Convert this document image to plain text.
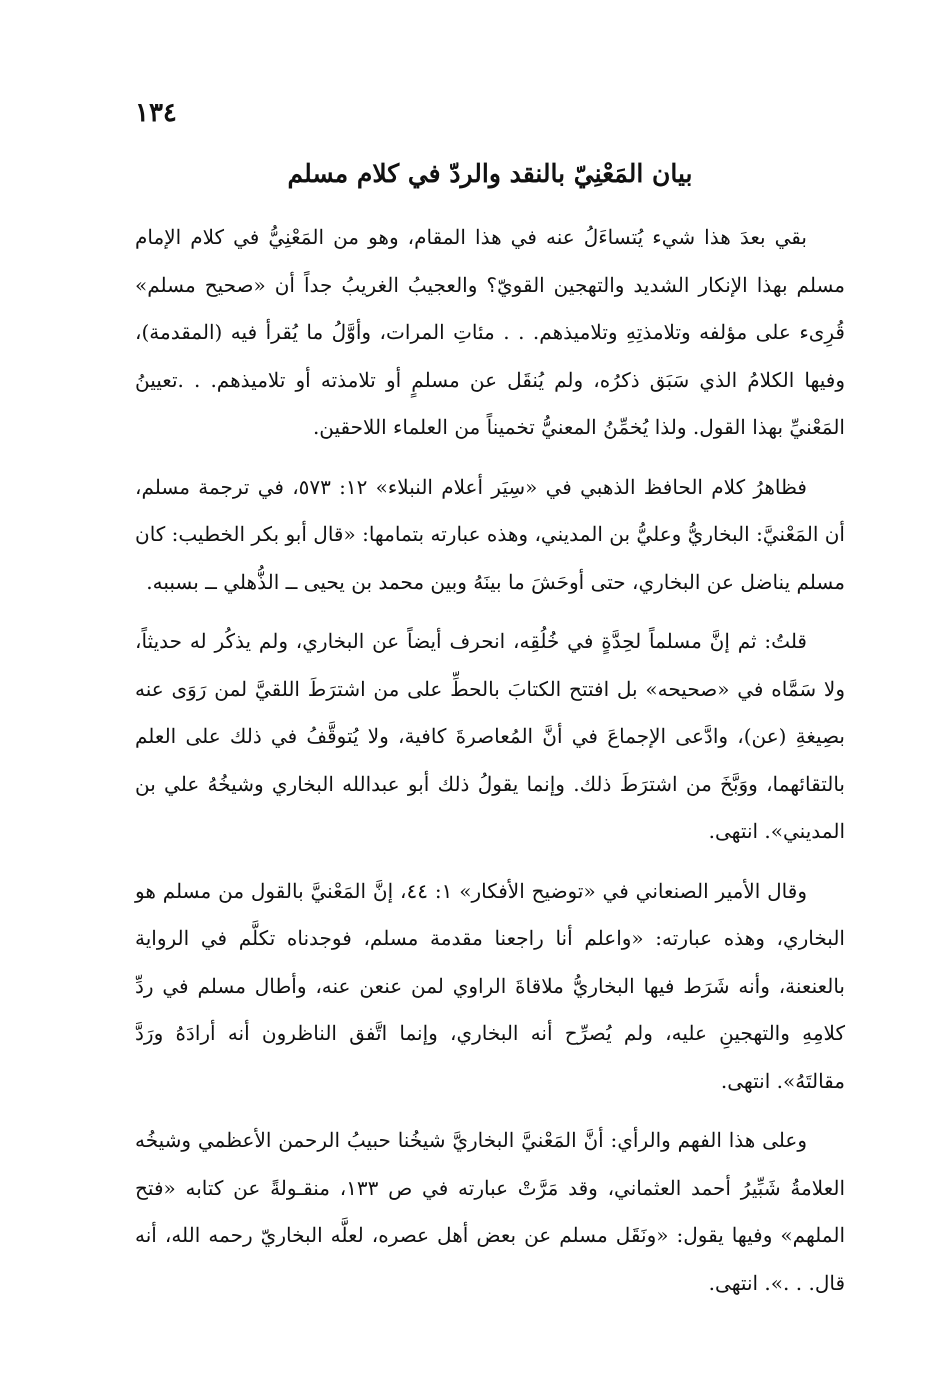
١٣٤
بيان المَعْنِيّ بالنقد والردّ في كلام مسلم

بقي بعدَ هذا شيء يُتساءَلُ عنه في هذا المقام، وهو من المَعْنِيُّ في كلام الإمام مسلم بهذا الإنكار الشديد والتهجين القويّ؟ والعجيبُ الغريبُ جداً أن «صحيح مسلم» قُرِىء على مؤلفه وتلامذتِهِ وتلاميذهم. . . مئاتِ المرات، وأوَّلُ ما يُقرأ فيه (المقدمة)، وفيها الكلامُ الذي سَبَق ذكرُه، ولم يُنقَل عن مسلمٍ أو تلامذته أو تلاميذهم. . .تعيينُ المَعْنيِّ بهذا القول. ولذا يُخمِّنُ المعنيُّ تخميناً من العلماء اللاحقين.

فظاهرُ كلام الحافظ الذهبي في «سِيَر أعلام النبلاء» ١٢: ٥٧٣، في ترجمة مسلم، أن المَعْنيَّ: البخاريُّ وعليُّ بن المديني، وهذه عبارته بتمامها: «قال أبو بكر الخطيب: كان مسلم يناضل عن البخاري، حتى أوحَشَ ما بينَهُ وبين محمد بن يحيى ــ الذُّهلي ــ بسببه.

قلتُ: ثم إنَّ مسلماً لحِدَّةٍ في خُلُقِه، انحرف أيضاً عن البخاري، ولم يذكُر له حديثاً، ولا سَمَّاه في «صحيحه» بل افتتح الكتابَ بالحطِّ على من اشترَطَ اللقيَّ لمن رَوَى عنه بصِيغةِ (عن)، وادَّعى الإجماعَ في أنَّ المُعاصرةَ كافية، ولا يُتوقَّفُ في ذلك على العلم بالتقائهما، ووَبَّخَ من اشترَطَ ذلك. وإنما يقولُ ذلك أبو عبدالله البخاري وشيخُهُ علي بن المديني». انتهى.

وقال الأمير الصنعاني في «توضيح الأفكار» ١: ٤٤، إنَّ المَعْنيَّ بالقول من مسلم هو البخاري، وهذه عبارته: «واعلم أنا راجعنا مقدمة مسلم، فوجدناه تكلَّم في الرواية بالعنعنة، وأنه شَرَط فيها البخاريُّ ملاقاةَ الراوي لمن عنعن عنه، وأطال مسلم في ردِّ كلامِهِ والتهجينِ عليه، ولم يُصرِّح أنه البخاري، وإنما اتَّفق الناظرون أنه أرادَهُ ورَدَّ مقالتَهُ». انتهى.

وعلى هذا الفهم والرأي: أنَّ المَعْنيَّ البخاريَّ شيخُنا حبيبُ الرحمن الأعظمي وشيخُه العلامةُ شَبِّيرُ أحمد العثماني، وقد مَرَّتْ عبارته في ص ١٣٣، منقـولةً عن كتابه «فتح الملهم» وفيها يقول: «ونَقَل مسلم عن بعض أهل عصره، لعلَّه البخاريّ رحمه الله، أنه قال. . .». انتهى.
